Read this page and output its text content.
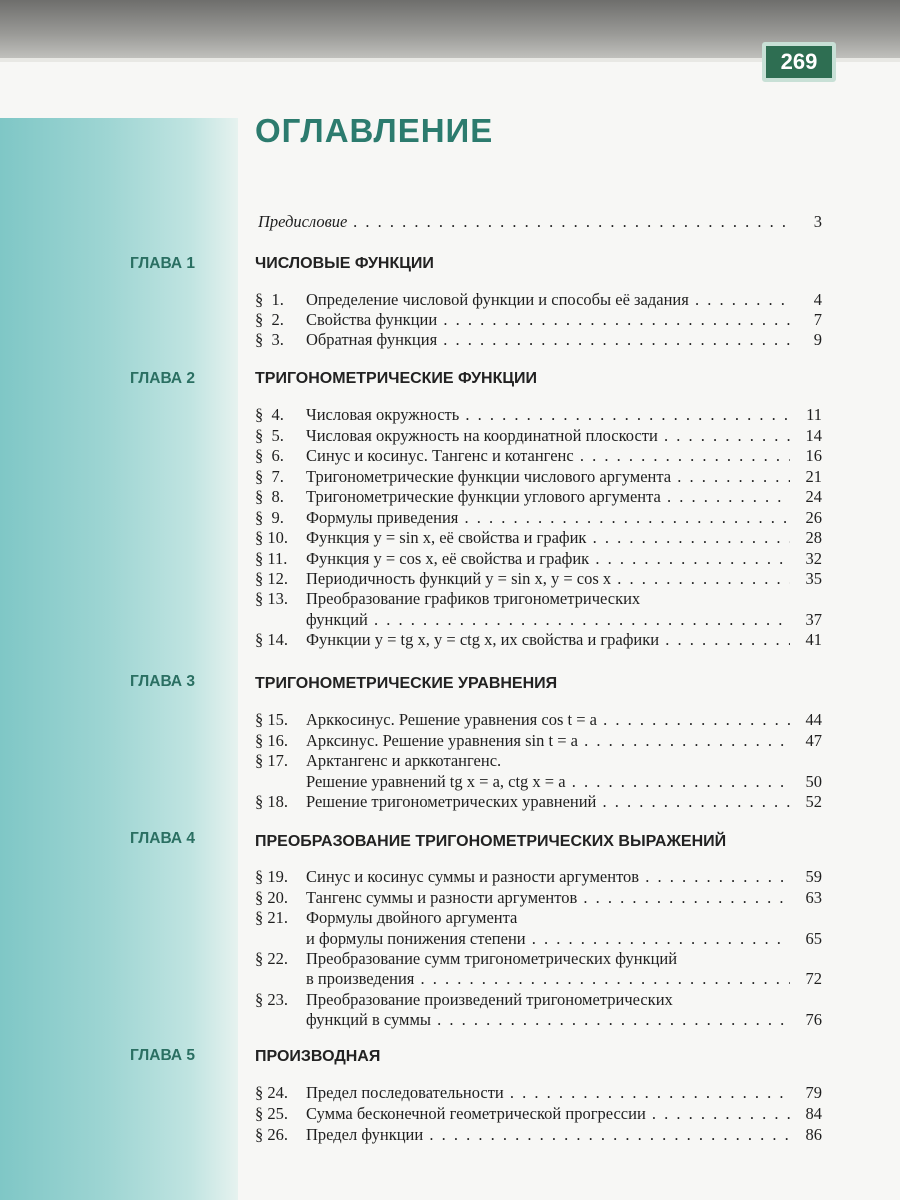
269
ОГЛАВЛЕНИЕ
Предисловие . . .	3
ГЛАВА 1	ЧИСЛОВЫЕ ФУНКЦИИ
§  1.	Определение числовой функции и способы её задания . . .	4
§  2.	Свойства функции . . .	7
§  3.	Обратная функция . . .	9
ГЛАВА 2	ТРИГОНОМЕТРИЧЕСКИЕ ФУНКЦИИ
§  4.	Числовая окружность . . .	11
§  5.	Числовая окружность на координатной плоскости . . .	14
§  6.	Синус и косинус. Тангенс и котангенс . . .	16
§  7.	Тригонометрические функции числового аргумента . . .	21
§  8.	Тригонометрические функции углового аргумента . . .	24
§  9.	Формулы приведения . . .	26
§ 10.	Функция y = sin x, её свойства и график . . .	28
§ 11.	Функция y = cos x, её свойства и график . . .	32
§ 12.	Периодичность функций y = sin x, y = cos x . . .	35
§ 13.	Преобразование графиков тригонометрических
функций . . .	37
§ 14.	Функции y = tg x, y = ctg x, их свойства и графики . . .	41
ГЛАВА 3	ТРИГОНОМЕТРИЧЕСКИЕ УРАВНЕНИЯ
§ 15.	Арккосинус. Решение уравнения cos t = a . . .	44
§ 16.	Арксинус. Решение уравнения sin t = a . . .	47
§ 17.	Арктангенс и арккотангенс.
Решение уравнений tg x = a, ctg x = a . . .	50
§ 18.	Решение тригонометрических уравнений . . .	52
ГЛАВА 4	ПРЕОБРАЗОВАНИЕ ТРИГОНОМЕТРИЧЕСКИХ ВЫРАЖЕНИЙ
§ 19.	Синус и косинус суммы и разности аргументов . . .	59
§ 20.	Тангенс суммы и разности аргументов . . .	63
§ 21.	Формулы двойного аргумента
и формулы понижения степени . . .	65
§ 22.	Преобразование сумм тригонометрических функций
в произведения . . .	72
§ 23.	Преобразование произведений тригонометрических
функций в суммы . . .	76
ГЛАВА 5	ПРОИЗВОДНАЯ
§ 24.	Предел последовательности . . .	79
§ 25.	Сумма бесконечной геометрической прогрессии . . .	84
§ 26.	Предел функции . . .	86
